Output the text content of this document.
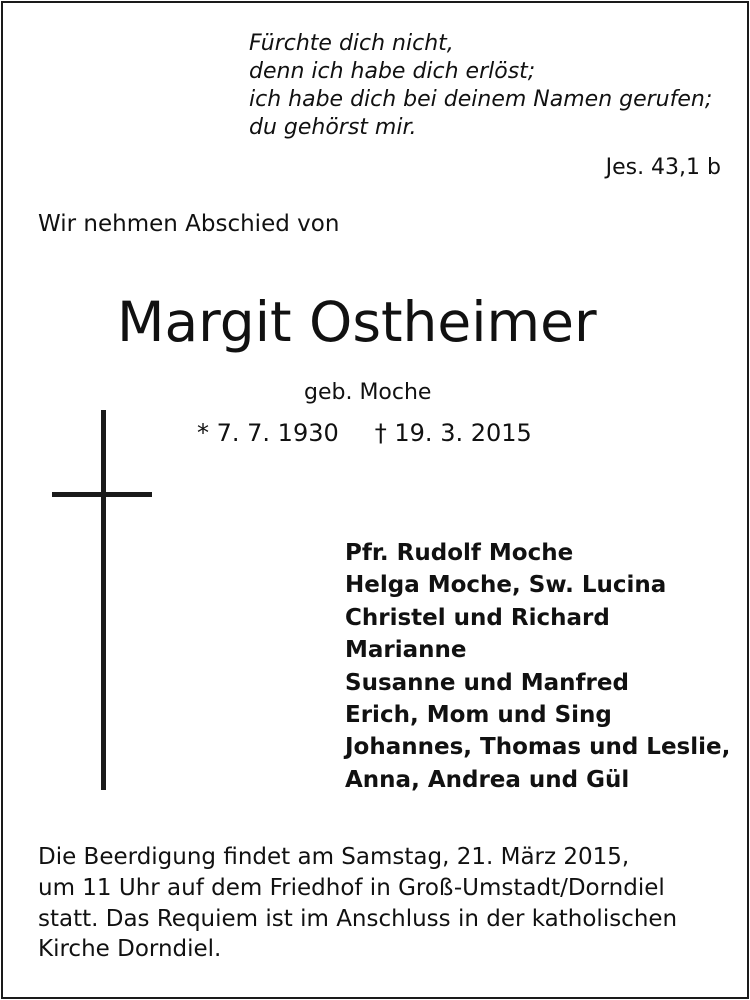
Fürchte dich nicht,
denn ich habe dich erlöst;
ich habe dich bei deinem Namen gerufen;
du gehörst mir.
Jes. 43,1 b
Wir nehmen Abschied von
Margit Ostheimer
geb. Moche
* 7. 7. 1930 † 19. 3. 2015
Pfr. Rudolf Moche
Helga Moche, Sw. Lucina
Christel und Richard
Marianne
Susanne und Manfred
Erich, Mom und Sing
Johannes, Thomas und Leslie,
Anna, Andrea und Gül
Die Beerdigung findet am Samstag, 21. März 2015,
um 11 Uhr auf dem Friedhof in Groß-Umstadt/Dorndiel
statt. Das Requiem ist im Anschluss in der katholischen
Kirche Dorndiel.
